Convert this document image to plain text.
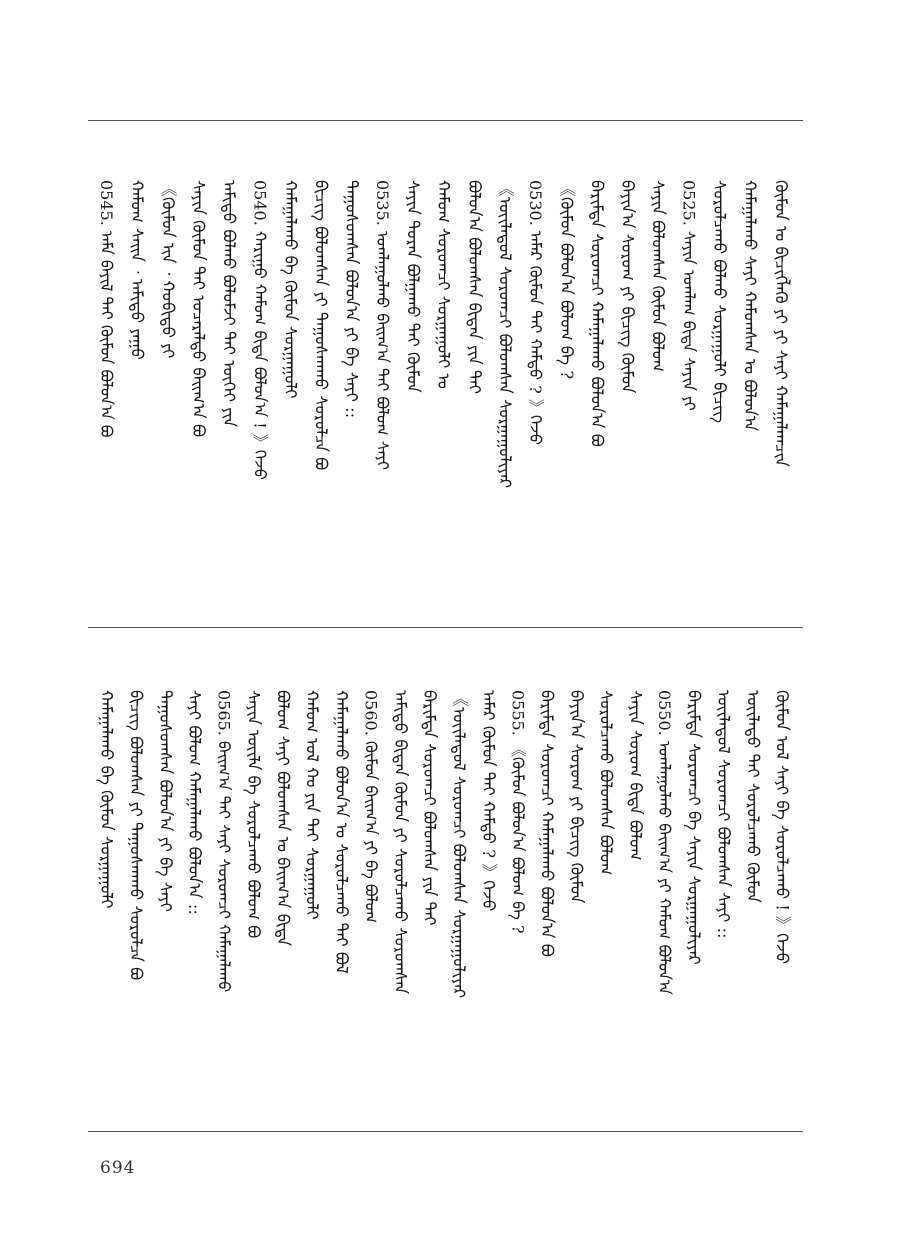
0545. ᠠᠮᠠ ᠪᠠᠶᠢᠯ ᠲᠠᠢ ᠬᠦᠮᠦᠨ ᠪᠣᠯᠤᠨ᠎ᠠ ᠪᠣ ᠬᠠᠮᠤᠭ ᠰᠠᠢᠨ ᠂ ᠠᠮᠢᠳᠤ ᠶᠠᠭᠤ 《ᠬᠦᠮᠦᠨ ᠢᠨ ᠂ ᠬᠤᠪᠢᠳᠤ ᠶᠢ ᠰᠠᠶᠢᠨ ᠬᠦᠮᠦᠨ ᠲᠠᠢ ᠤᠴᠠᠷᠠᠯᠳᠤ ᠪᠠᠢᠭ᠎ᠠ ᠪᠣ ᠠᠮᠢᠳᠤ ᠪᠤᠯᠬᠤ ᠪᠣᠯᠣᠮᠵᠢ ᠲᠠᠢ ᠦᠭᠡᠢ ᠶᠢᠨ 0540. ᠬᠠᠷᠢᠭᠤ ᠬᠠᠮᠤᠭ ᠪᠢᠳᠡ ᠪᠣᠯᠤᠨ᠎ᠠ ! 》ᠭᠡᠵᠦ ᠬᠠᠮᠠᠭᠠᠯᠠᠬᠤ ᠪᠠ ᠬᠦᠮᠦᠨ ᠰᠤᠷᠭᠠᠭᠤᠯᠢ ᠪᠢᠴᠢᠭ ᠪᠤᠯᠤᠭᠰᠠᠨ ᠶᠢ ᠳᠠᠭᠤᠰᠬᠠᠬᠤ ᠰᠤᠷᠤᠯᠴᠠ ᠪᠣ ᠳᠠᠭᠤᠰᠤᠭᠰᠠᠨ ᠪᠣᠯᠤᠨ᠎ᠠ ᠶᠢ ᠪᠠ ᠰᠠᠶᠢ :: 0535. ᠤᠭᠯᠠᠭᠤᠯᠬᠤ ᠪᠠᠢᠭ᠎ᠠ ᠲᠠᠢ ᠪᠤᠯᠤᠭ ᠰᠠᠶᠢ ᠰᠠᠶᠢᠨ ᠳᠤᠷᠠᠨ ᠪᠣᠯᠭᠠᠬᠤ ᠲᠠᠢ ᠬᠦᠮᠦᠨ ᠬᠠᠮᠤᠭ ᠰᠤᠷᠤᠭᠴᠢ ᠰᠤᠷᠭᠠᠭᠤᠯᠢ ᠤ ᠪᠣᠯᠤᠨ᠎ᠠ ᠪᠤᠯᠤᠭᠰᠠᠨ ᠪᠢᠳᠡᠨ ᠶᠢᠨ ᠲᠠᠢ 《ᠦᠢᠯᠡᠳᠦᠯ ᠰᠤᠷᠤᠭᠴᠢ ᠪᠤᠯᠤᠭᠰᠠᠨ ᠰᠤᠷᠭᠠᠭᠤᠯᠢᠶᠠᠷ 0530. ᠠᠮᠠᠷ ᠬᠦᠮᠦᠨ ᠲᠠᠢ ᠬᠠᠮᠲᠤ ? 》ᠭᠡᠵᠦ 《ᠬᠦᠮᠦᠨ ᠪᠣᠯᠤᠨ᠎ᠠ ᠪᠤᠯᠤᠭ ᠪᠠ ? ᠪᠠᠷᠢᠮᠲᠠ ᠰᠤᠷᠤᠭᠴᠢ ᠬᠠᠮᠠᠭᠠᠯᠠᠬᠤ ᠪᠣᠯᠤᠨ᠎ᠠ ᠪᠣ ᠪᠠᠶᠢᠨ᠎ᠠ ᠰᠤᠷᠤᠭ ᠶᠢ ᠪᠢᠴᠢᠭ ᠬᠦᠮᠦᠨ ᠰᠠᠶᠢᠨ ᠪᠣᠯᠤᠭᠰᠠᠨ ᠬᠦᠮᠦᠨ ᠪᠣᠯᠤᠭ 0525. ᠰᠠᠶᠢᠨ ᠤᠭᠯᠠᠭ ᠪᠢᠳᠡ ᠰᠠᠶᠢᠨ ᠶᠢ ᠰᠤᠷᠤᠯᠴᠠᠬᠤ ᠪᠤᠯᠬᠤ ᠰᠤᠷᠭᠠᠭᠤᠯᠢ ᠪᠢᠴᠢᠭ ᠬᠠᠮᠠᠭᠠᠯᠠᠬᠤ ᠰᠠᠶᠢ ᠬᠠᠮᠤᠭᠰᠠᠨ ᠤ ᠪᠣᠯᠤᠨ᠎ᠠ ᠬᠦᠮᠦᠨ ᠤ ᠪᠢᠴᠢᠭᠯᠡᠬᠦ ᠶᠢ ᠶᠢ ᠰᠠᠶᠢ ᠬᠠᠮᠠᠭᠠᠯᠠᠭᠴᠢᠨ
ᠬᠠᠮᠠᠭᠠᠯᠠᠬᠤ ᠪᠠ ᠬᠦᠮᠦᠨ ᠰᠤᠷᠭᠠᠭᠤᠯᠢ ᠪᠢᠴᠢᠭ ᠪᠤᠯᠤᠭᠰᠠᠨ ᠶᠢ ᠳᠠᠭᠤᠰᠬᠠᠬᠤ ᠰᠤᠷᠤᠯᠴᠠ ᠪᠣ ᠳᠠᠭᠤᠰᠤᠭᠰᠠᠨ ᠪᠣᠯᠤᠨ᠎ᠠ ᠶᠢ ᠪᠠ ᠰᠠᠶᠢ ᠰᠠᠶᠢ ᠪᠣᠯᠤᠭ ᠬᠠᠮᠠᠭᠠᠯᠠᠬᠤ ᠪᠣᠯᠤᠨ᠎ᠠ :: 0565. ᠪᠠᠢᠭ᠎ᠠ ᠲᠠᠢ ᠰᠠᠶᠢ ᠰᠤᠷᠤᠭᠴᠢ ᠬᠠᠮᠠᠭᠠᠯᠠᠬᠤ ᠰᠠᠶᠢᠨ ᠦᠢᠯᠡ ᠪᠠ ᠰᠤᠷᠤᠯᠴᠠᠬᠤ ᠪᠤᠯᠤᠭ ᠪᠣ ᠪᠤᠯᠤᠭ ᠰᠠᠶᠢ ᠪᠣᠯᠤᠭᠰᠠᠨ ᠤ ᠪᠠᠢᠭ᠎ᠠ ᠪᠢᠳᠡ ᠬᠠᠮᠤᠭ ᠤᠯ ᠬᠤ ᠶᠢᠨ ᠲᠠᠢ ᠰᠤᠷᠭᠠᠭᠤᠯᠢ ᠬᠠᠮᠠᠭᠠᠯᠠᠬᠤ ᠪᠣᠯᠤᠨ᠎ᠠ ᠤ ᠰᠤᠷᠤᠯᠴᠠᠬᠤ ᠲᠠᠢ ᠪᠣᠯ 0560. ᠬᠦᠮᠦᠨ ᠪᠠᠢᠭ᠎ᠠ ᠶᠢ ᠪᠠ ᠪᠣᠯᠤᠭ ᠠᠮᠢᠳᠤ ᠪᠢᠳᠡᠨ ᠬᠦᠮᠦᠨ ᠶᠢ ᠰᠤᠷᠤᠯᠴᠠᠬᠤ ᠰᠤᠷᠤᠭᠰᠠᠨ ᠪᠠᠷᠢᠮᠲᠠ ᠰᠤᠷᠤᠭᠴᠢ ᠪᠣᠯᠤᠭᠰᠠᠨ ᠶᠢᠨ ᠲᠠᠢ 《ᠦᠢᠯᠡᠳᠦᠯ ᠰᠤᠷᠤᠭᠴᠢ ᠪᠤᠯᠤᠭᠰᠠᠨ ᠰᠤᠷᠭᠠᠭᠤᠯᠢᠶᠠᠷ ᠠᠮᠠᠷ ᠬᠦᠮᠦᠨ ᠲᠠᠢ ᠬᠠᠮᠲᠤ ? 》ᠭᠡᠵᠦ 0555. 《ᠬᠦᠮᠦᠨ ᠪᠣᠯᠤᠨ᠎ᠠ ᠪᠤᠯᠤᠭ ᠪᠠ ? ᠪᠠᠷᠢᠮᠲᠠ ᠰᠤᠷᠤᠭᠴᠢ ᠬᠠᠮᠠᠭᠠᠯᠠᠬᠤ ᠪᠣᠯᠤᠨ᠎ᠠ ᠪᠣ ᠪᠠᠶᠢᠨ᠎ᠠ ᠰᠤᠷᠤᠭ ᠶᠢ ᠪᠢᠴᠢᠭ ᠬᠦᠮᠦᠨ ᠰᠤᠷᠤᠯᠴᠠᠬᠤ ᠪᠣᠯᠤᠭᠰᠠᠨ ᠪᠤᠯᠤᠭ ᠰᠠᠶᠢᠨ ᠰᠤᠷᠤᠭ ᠪᠢᠳᠡ ᠪᠣᠯᠤᠭ 0550. ᠤᠭᠯᠠᠭᠤᠯᠬᠤ ᠪᠠᠢᠭ᠎ᠠ ᠶᠢ ᠬᠠᠮᠤᠭ ᠪᠣᠯᠤᠨ᠎ᠠ ᠪᠠᠷᠢᠮᠲᠠ ᠰᠤᠷᠤᠭᠴᠢ ᠪᠠ ᠰᠠᠶᠢᠨ ᠰᠤᠷᠭᠠᠭᠤᠯᠢᠶᠠᠷ ᠦᠢᠯᠡᠳᠦᠯ ᠰᠤᠷᠤᠭᠴᠢ ᠪᠤᠯᠤᠭᠰᠠᠨ ᠰᠠᠶᠢ :: ᠦᠢᠯᠡᠳᠦ ᠲᠠᠢ ᠰᠤᠷᠤᠯᠴᠠᠬᠤ ᠬᠦᠮᠦᠨ ᠬᠦᠮᠦᠨ ᠤᠯ ᠰᠠᠶᠢ ᠪᠠ ᠰᠤᠷᠤᠯᠴᠠᠬᠤ ! 》ᠭᠡᠵᠦ
694
